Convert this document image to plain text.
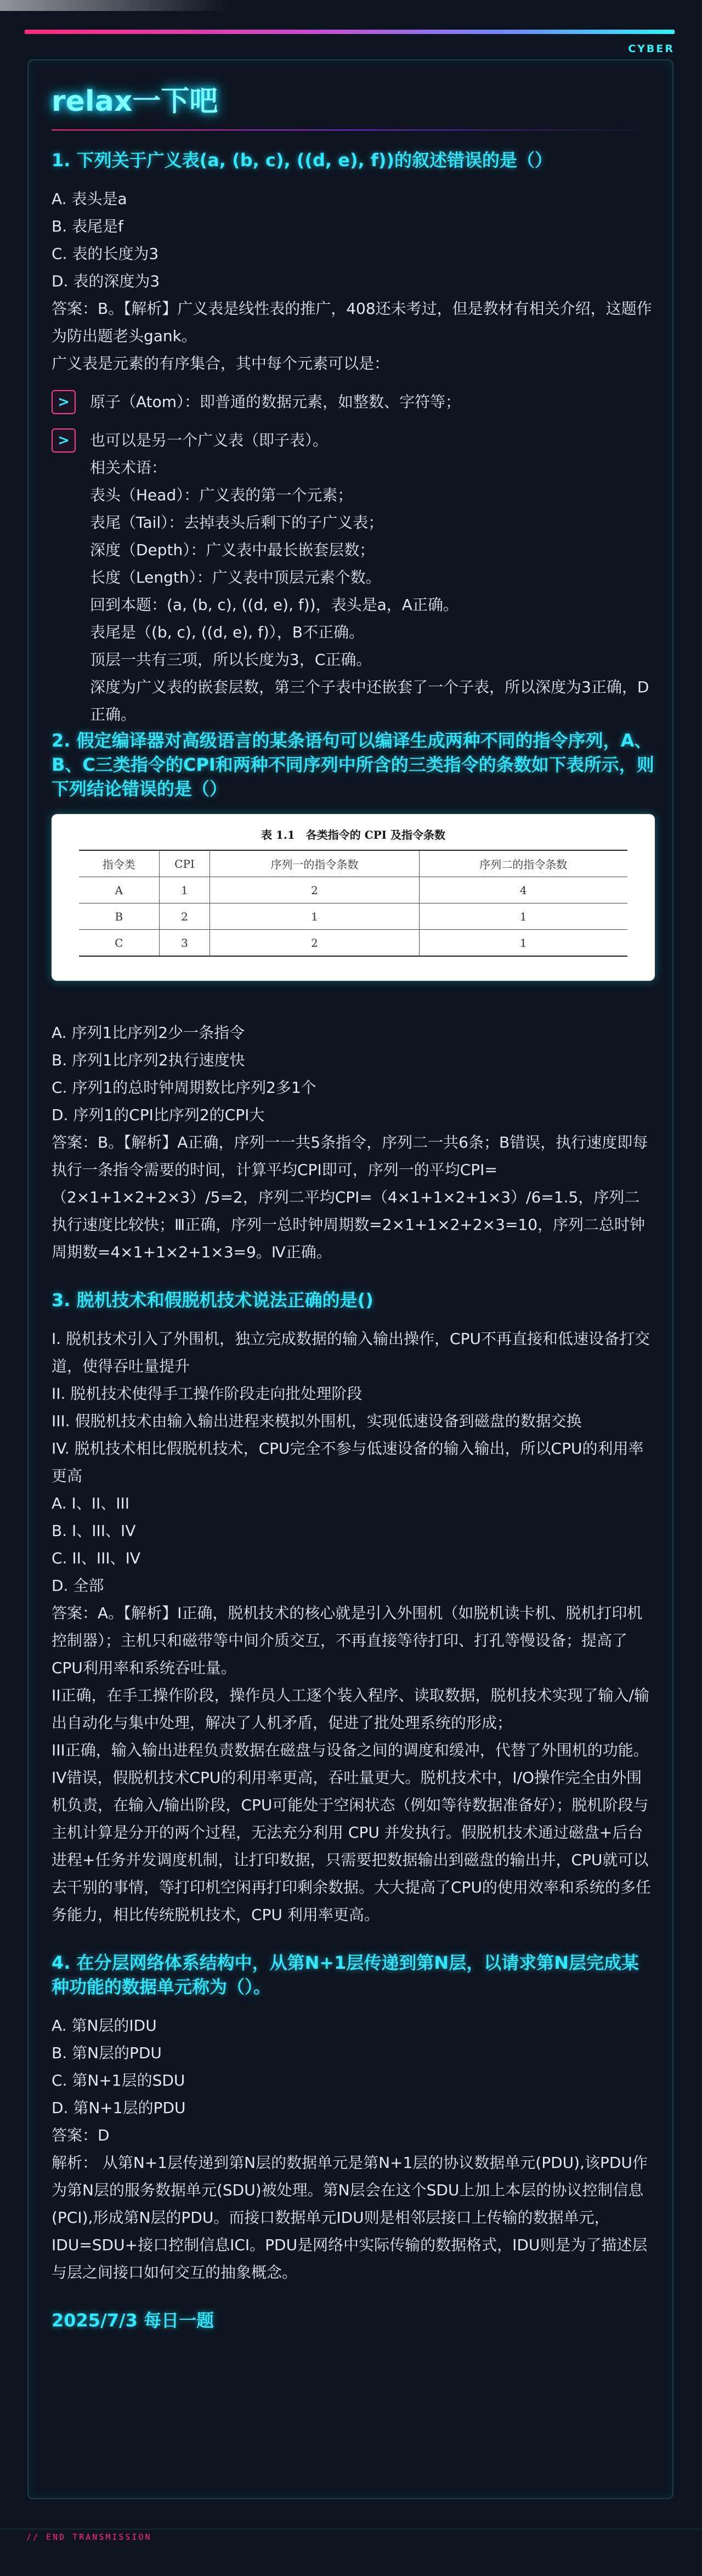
CYBER
relax一下吧
1. 下列关于广义表(a, (b, c), ((d, e), f))的叙述错误的是（）

A. 表头是a

B. 表尾是f

C. 表的长度为3

D. 表的深度为3

答案：B。【解析】广义表是线性表的推广，408还未考过，但是教材有相关介绍，这题作为防出题老头gank。

广义表是元素的有序集合，其中每个元素可以是：

>	原子（Atom）：即普通的数据元素，如整数、字符等；

>	也可以是另一个广义表（即子表）。

相关术语：

表头（Head）：广义表的第一个元素；

表尾（Tail）：去掉表头后剩下的子广义表；

深度（Depth）：广义表中最长嵌套层数；

长度（Length）：广义表中顶层元素个数。

回到本题：(a, (b, c), ((d, e), f))，表头是a，A正确。

表尾是（(b, c), ((d, e), f)），B不正确。

顶层一共有三项，所以长度为3，C正确。

深度为广义表的嵌套层数，第三个子表中还嵌套了一个子表，所以深度为3正确，D正确。

2. 假定编译器对高级语言的某条语句可以编译生成两种不同的指令序列，A、B、C三类指令的CPI和两种不同序列中所含的三类指令的条数如下表所示，则下列结论错误的是（）
表 1.1　各类指令的 CPI 及指令条数
指令类	CPI	序列一的指令条数	序列二的指令条数
A	1	2	4
B	2	1	1
C	3	2	1

A. 序列1比序列2少一条指令

B. 序列1比序列2执行速度快

C. 序列1的总时钟周期数比序列2多1个

D. 序列1的CPI比序列2的CPI大

答案：B。【解析】A正确，序列一一共5条指令，序列二一共6条；B错误，执行速度即每执行一条指令需要的时间，计算平均CPI即可，序列一的平均CPI=（2×1+1×2+2×3）/5=2，序列二平均CPI=（4×1+1×2+1×3）/6=1.5，序列二执行速度比较快；Ⅲ正确，序列一总时钟周期数=2×1+1×2+2×3=10，序列二总时钟周期数=4×1+1×2+1×3=9。Ⅳ正确。

3. 脱机技术和假脱机技术说法正确的是()

I. 脱机技术引入了外围机，独立完成数据的输入输出操作，CPU不再直接和低速设备打交道，使得吞吐量提升

II. 脱机技术使得手工操作阶段走向批处理阶段

III. 假脱机技术由输入输出进程来模拟外围机，实现低速设备到磁盘的数据交换

IV. 脱机技术相比假脱机技术，CPU完全不参与低速设备的输入输出，所以CPU的利用率更高

A. I、II、III

B. I、III、IV

C. II、III、IV

D. 全部

答案：A。【解析】I正确，脱机技术的核心就是引入外围机（如脱机读卡机、脱机打印机控制器）；主机只和磁带等中间介质交互，不再直接等待打印、打孔等慢设备；提高了CPU利用率和系统吞吐量。

II正确，在手工操作阶段，操作员人工逐个装入程序、读取数据，脱机技术实现了输入/输出自动化与集中处理，解决了人机矛盾，促进了批处理系统的形成；

III正确，输入输出进程负责数据在磁盘与设备之间的调度和缓冲，代替了外围机的功能。

IV错误，假脱机技术CPU的利用率更高，吞吐量更大。脱机技术中，I/O操作完全由外围机负责，在输入/输出阶段，CPU可能处于空闲状态（例如等待数据准备好）；脱机阶段与主机计算是分开的两个过程，无法充分利用 CPU 并发执行。假脱机技术通过磁盘+后台进程+任务并发调度机制，让打印数据，只需要把数据输出到磁盘的输出井，CPU就可以去干别的事情，等打印机空闲再打印剩余数据。大大提高了CPU的使用效率和系统的多任务能力，相比传统脱机技术，CPU 利用率更高。

4. 在分层网络体系结构中，从第N+1层传递到第N层，以请求第N层完成某种功能的数据单元称为（）。

A. 第N层的IDU

B. 第N层的PDU

C. 第N+1层的SDU

D. 第N+1层的PDU

答案：D

解析： 从第N+1层传递到第N层的数据单元是第N+1层的协议数据单元(PDU),该PDU作为第N层的服务数据单元(SDU)被处理。第N层会在这个SDU上加上本层的协议控制信息(PCI),形成第N层的PDU。而接口数据单元IDU则是相邻层接口上传输的数据单元，IDU=SDU+接口控制信息ICI。PDU是网络中实际传输的数据格式，IDU则是为了描述层与层之间接口如何交互的抽象概念。

2025/7/3 每日一题
// END TRANSMISSION
